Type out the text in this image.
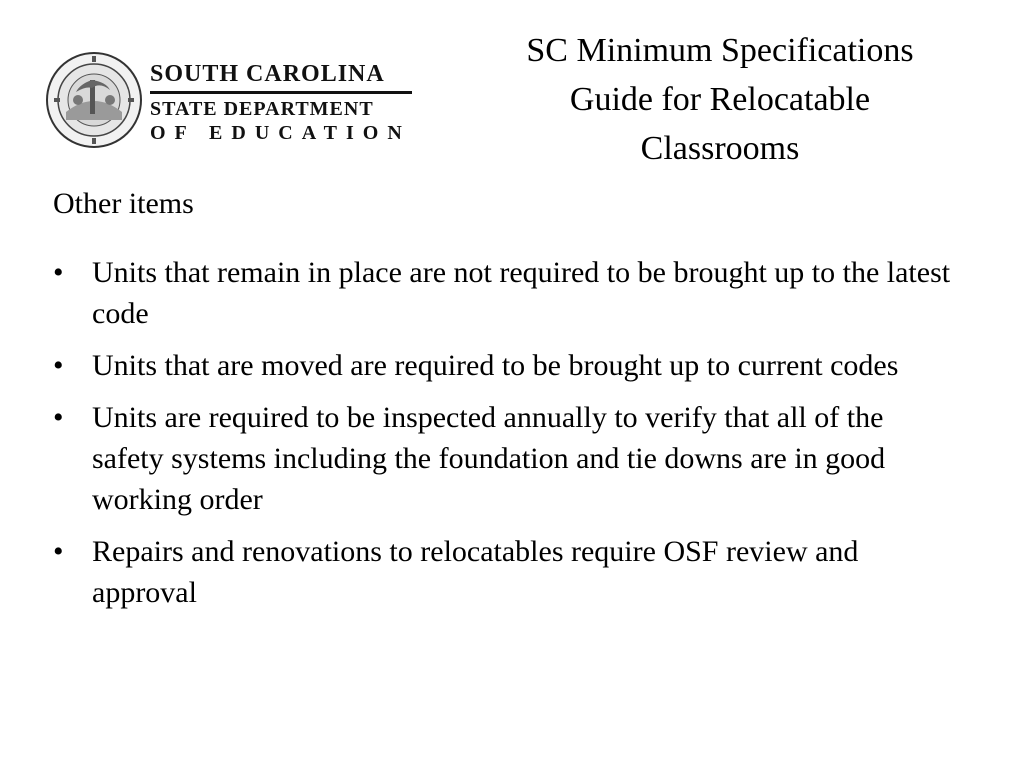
SOUTH CAROLINA
STATE DEPARTMENT
OF EDUCATION
SC Minimum Specifications
Guide for Relocatable
Classrooms
Other items
• Units that remain in place are not required to be brought up to the latest code
• Units that are moved are required to be brought up to current codes
• Units are required to be inspected annually to verify that all of the safety systems including the foundation and tie downs are in good working order
• Repairs and renovations to relocatables require OSF review and approval
